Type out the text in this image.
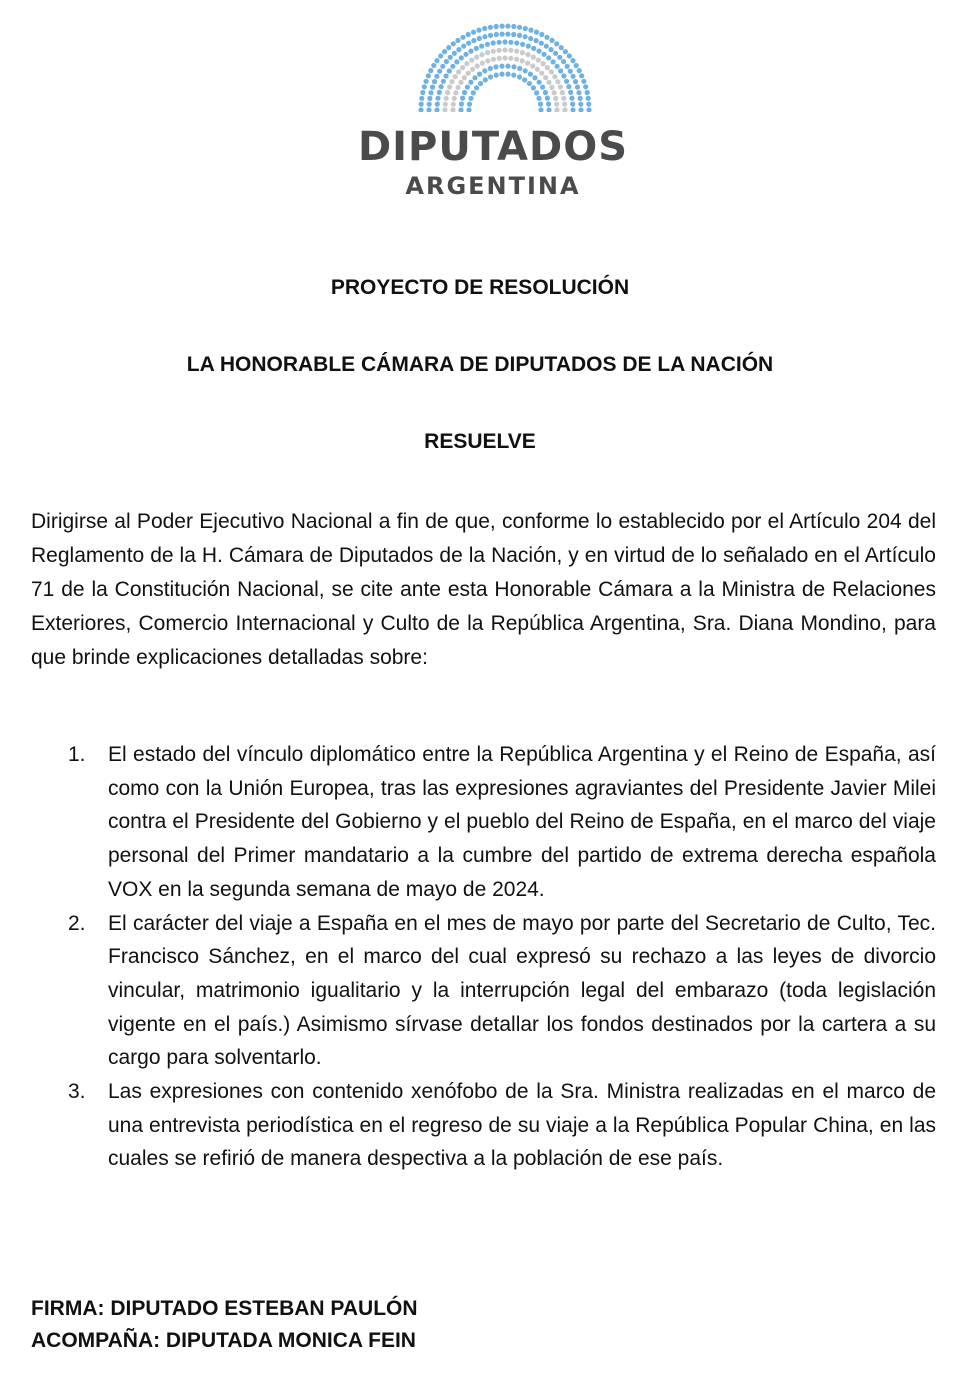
DIPUTADOS
ARGENTINA
PROYECTO DE RESOLUCIÓN
LA HONORABLE CÁMARA DE DIPUTADOS DE LA NACIÓN
RESUELVE

Dirigirse al Poder Ejecutivo Nacional a fin de que, conforme lo establecido por el Artículo 204 del Reglamento de la H. Cámara de Diputados de la Nación, y en virtud de lo señalado en el Artículo 71 de la Constitución Nacional, se cite ante esta Honorable Cámara a la Ministra de Relaciones Exteriores, Comercio Internacional y Culto de la República Argentina, Sra. Diana Mondino, para que brinde explicaciones detalladas sobre:

1. El estado del vínculo diplomático entre la República Argentina y el Reino de España, así como con la Unión Europea, tras las expresiones agraviantes del Presidente Javier Milei contra el Presidente del Gobierno y el pueblo del Reino de España, en el marco del viaje personal del Primer mandatario a la cumbre del partido de extrema derecha española VOX en la segunda semana de mayo de 2024.
2. El carácter del viaje a España en el mes de mayo por parte del Secretario de Culto, Tec. Francisco Sánchez, en el marco del cual expresó su rechazo a las leyes de divorcio vincular, matrimonio igualitario y la interrupción legal del embarazo (toda legislación vigente en el país.) Asimismo sírvase detallar los fondos destinados por la cartera a su cargo para solventarlo.
3. Las expresiones con contenido xenófobo de la Sra. Ministra realizadas en el marco de una entrevista periodística en el regreso de su viaje a la República Popular China, en las cuales se refirió de manera despectiva a la población de ese país.
FIRMA: DIPUTADO ESTEBAN PAULÓN
ACOMPAÑA: DIPUTADA MONICA FEIN
